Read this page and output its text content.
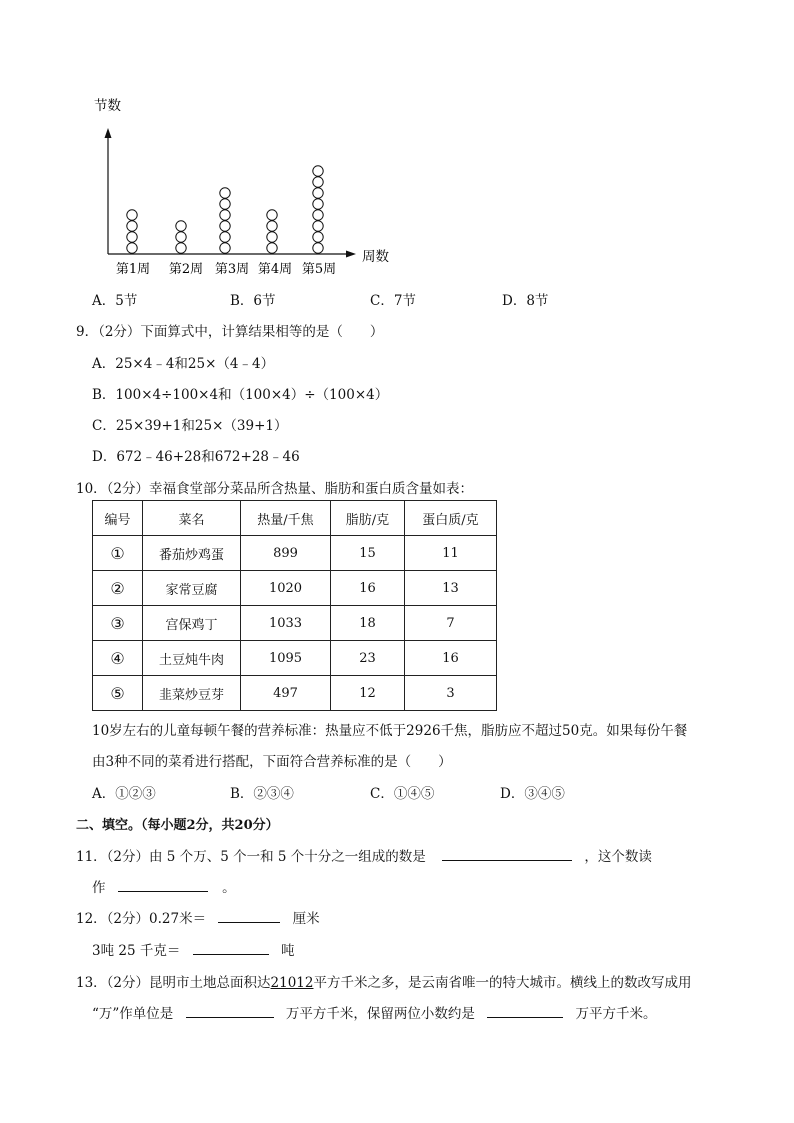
节数
周数
第1周 第2周 第3周 第4周 第5周
A．5节	B．6节	C．7节	D．8节
9．（2分）下面算式中，计算结果相等的是（　　）
A．25×4﹣4和25×（4﹣4）
B．100×4÷100×4和（100×4）÷（100×4）
C．25×39+1和25×（39+1）
D．672﹣46+28和672+28﹣46
10．（2分）幸福食堂部分菜品所含热量、脂肪和蛋白质含量如表：
编号	菜名	热量/千焦	脂肪/克	蛋白质/克
①	番茄炒鸡蛋	899	15	11
②	家常豆腐	1020	16	13
③	宫保鸡丁	1033	18	7
④	土豆炖牛肉	1095	23	16
⑤	韭菜炒豆芽	497	12	3
10岁左右的儿童每顿午餐的营养标准：热量应不低于2926千焦，脂肪应不超过50克。如果每份午餐
由3种不同的菜肴进行搭配，下面符合营养标准的是（　　）
A．①②③	B．②③④	C．①④⑤	D．③④⑤
二、填空。（每小题2分，共20分）
11．（2分）由 5 个万、5 个一和 5 个十分之一组成的数是	，这个数读
作	。
12．（2分）0.27米＝	厘米
3吨 25 千克＝	吨
13．（2分）昆明市土地总面积达21012平方千米之多，是云南省唯一的特大城市。横线上的数改写成用
“万”作单位是	万平方千米，保留两位小数约是	万平方千米。
